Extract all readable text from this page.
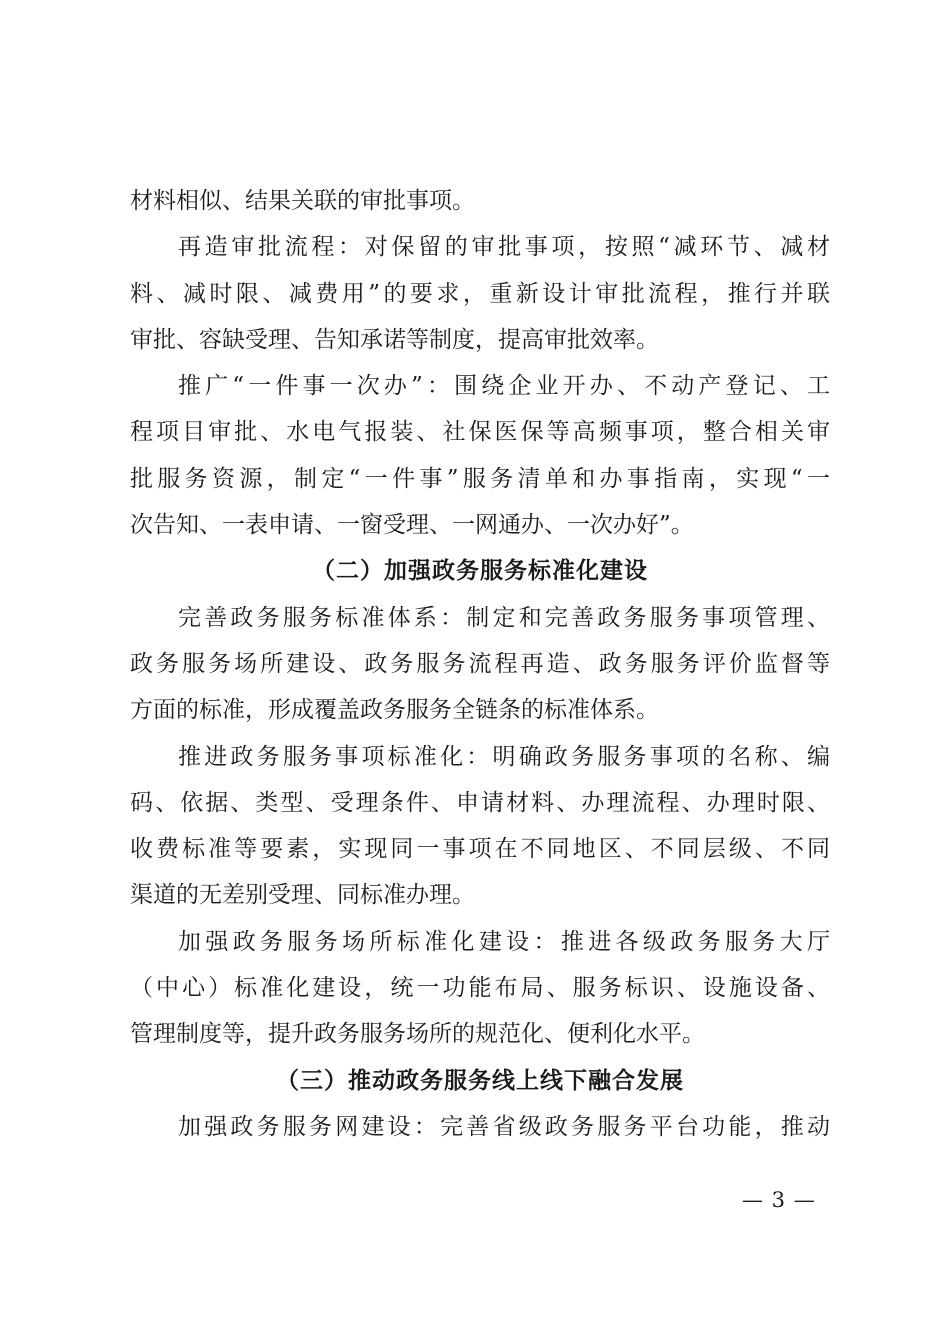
材料相似、结果关联的审批事项。
再造审批流程：对保留的审批事项，按照“减环节、减材
料、减时限、减费用”的要求，重新设计审批流程，推行并联
审批、容缺受理、告知承诺等制度，提高审批效率。
推广“一件事一次办”：围绕企业开办、不动产登记、工
程项目审批、水电气报装、社保医保等高频事项，整合相关审
批服务资源，制定“一件事”服务清单和办事指南，实现“一
次告知、一表申请、一窗受理、一网通办、一次办好”。
（二）加强政务服务标准化建设
完善政务服务标准体系：制定和完善政务服务事项管理、
政务服务场所建设、政务服务流程再造、政务服务评价监督等
方面的标准，形成覆盖政务服务全链条的标准体系。
推进政务服务事项标准化：明确政务服务事项的名称、编
码、依据、类型、受理条件、申请材料、办理流程、办理时限、
收费标准等要素，实现同一事项在不同地区、不同层级、不同
渠道的无差别受理、同标准办理。
加强政务服务场所标准化建设：推进各级政务服务大厅
（中心）标准化建设，统一功能布局、服务标识、设施设备、
管理制度等，提升政务服务场所的规范化、便利化水平。
（三）推动政务服务线上线下融合发展
加强政务服务网建设：完善省级政务服务平台功能，推动
— 3 —
